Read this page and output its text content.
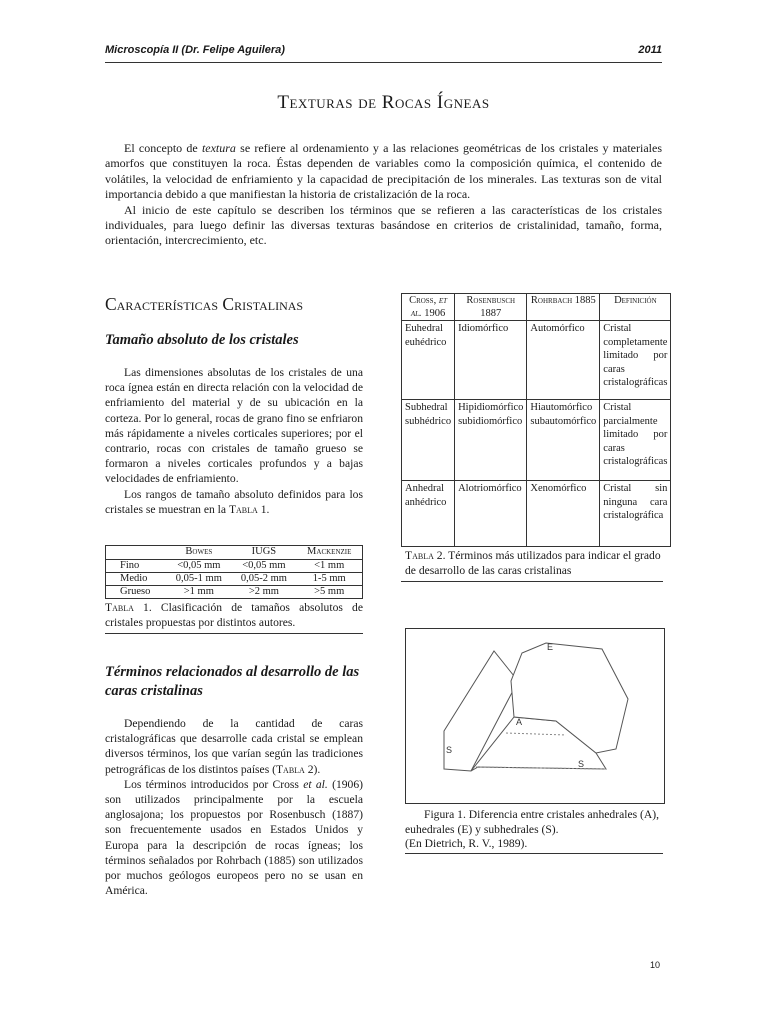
Microscopía II (Dr. Felipe Aguilera)	2011
Texturas de Rocas Ígneas

El concepto de textura se refiere al ordenamiento y a las relaciones geométricas de los cristales y materiales amorfos que constituyen la roca. Éstas dependen de variables como la composición química, el contenido de volátiles, la velocidad de enfriamiento y la capacidad de precipitación de los minerales. Las texturas son de vital importancia debido a que manifiestan la historia de cristalización de la roca.

Al inicio de este capítulo se describen los términos que se refieren a las características de los cristales individuales, para luego definir las diversas texturas basándose en criterios de cristalinidad, tamaño, forma, orientación, intercrecimiento, etc.

Características Cristalinas
Tamaño absoluto de los cristales

Las dimensiones absolutas de los cristales de una roca ígnea están en directa relación con la velocidad de enfriamiento del material y de su ubicación en la corteza. Por lo general, rocas de grano fino se enfriaron más rápidamente a niveles corticales superiores; por el contrario, rocas con cristales de tamaño grueso se formaron a niveles corticales profundos y a bajas velocidades de enfriamiento.

Los rangos de tamaño absoluto definidos para los cristales se muestran en la Tabla 1.

	Bowes	IUGS	Mackenzie
Fino	<0,05 mm	<0,05 mm	<1 mm
Medio	0,05-1 mm	0,05-2 mm	1-5 mm
Grueso	>1 mm	>2 mm	>5 mm
Tabla 1. Clasificación de tamaños absolutos de cristales propuestas por distintos autores.
Términos relacionados al desarrollo de las caras cristalinas

Dependiendo de la cantidad de caras cristalográficas que desarrolle cada cristal se emplean diversos términos, los que varían según las tradiciones petrográficas de los distintos países (Tabla 2).

Los términos introducidos por Cross et al. (1906) son utilizados principalmente por la escuela anglosajona; los propuestos por Rosenbusch (1887) son frecuentemente usados en Estados Unidos y Europa para la descripción de rocas ígneas; los términos señalados por Rohrbach (1885) son utilizados por muchos geólogos europeos pero no se usan en América.

Cross, et al. 1906	Rosenbusch 1887	Rohrbach 1885	Definición
Euhedral euhédrico	Idiomórfico	Automórfico	Cristal completamente limitado por caras cristalográficas
Subhedral subhédrico	Hipidiomórfico subidiomórfico	Hiautomórfico subautomórfico	Cristal parcialmente limitado por caras cristalográficas
Anhedral anhédrico	Alotriomórfico	Xenomórfico	Cristal sin ninguna cara cristalográfica
Tabla 2. Términos más utilizados para indicar el grado de desarrollo de las caras cristalinas
E
A
S
S
Figura 1. Diferencia entre cristales anhedrales (A), euhedrales (E) y subhedrales (S).
(En Dietrich, R. V., 1989).
10
